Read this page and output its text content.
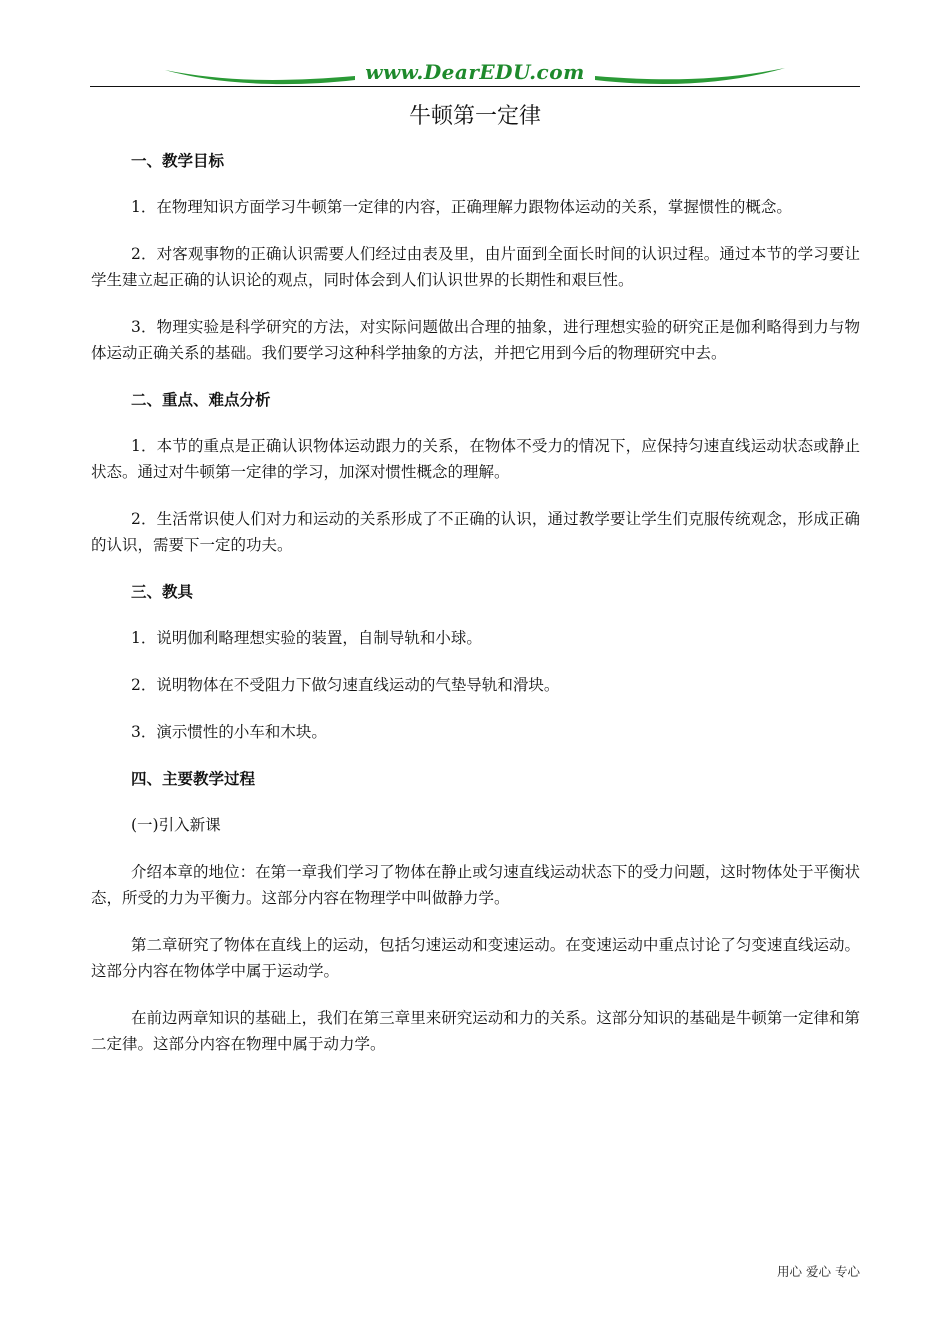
www.DearEDU.com
牛顿第一定律
一、教学目标

1．在物理知识方面学习牛顿第一定律的内容，正确理解力跟物体运动的关系，掌握惯性的概念。

2．对客观事物的正确认识需要人们经过由表及里，由片面到全面长时间的认识过程。通过本节的学习要让学生建立起正确的认识论的观点，同时体会到人们认识世界的长期性和艰巨性。

3．物理实验是科学研究的方法，对实际问题做出合理的抽象，进行理想实验的研究正是伽利略得到力与物体运动正确关系的基础。我们要学习这种科学抽象的方法，并把它用到今后的物理研究中去。

二、重点、难点分析

1．本节的重点是正确认识物体运动跟力的关系，在物体不受力的情况下，应保持匀速直线运动状态或静止状态。通过对牛顿第一定律的学习，加深对惯性概念的理解。

2．生活常识使人们对力和运动的关系形成了不正确的认识，通过教学要让学生们克服传统观念，形成正确的认识，需要下一定的功夫。

三、教具

1．说明伽利略理想实验的装置，自制导轨和小球。

2．说明物体在不受阻力下做匀速直线运动的气垫导轨和滑块。

3．演示惯性的小车和木块。

四、主要教学过程

(一)引入新课

介绍本章的地位：在第一章我们学习了物体在静止或匀速直线运动状态下的受力问题，这时物体处于平衡状态，所受的力为平衡力。这部分内容在物理学中叫做静力学。

第二章研究了物体在直线上的运动，包括匀速运动和变速运动。在变速运动中重点讨论了匀变速直线运动。这部分内容在物体学中属于运动学。

在前边两章知识的基础上，我们在第三章里来研究运动和力的关系。这部分知识的基础是牛顿第一定律和第二定律。这部分内容在物理中属于动力学。

用心 爱心 专心
